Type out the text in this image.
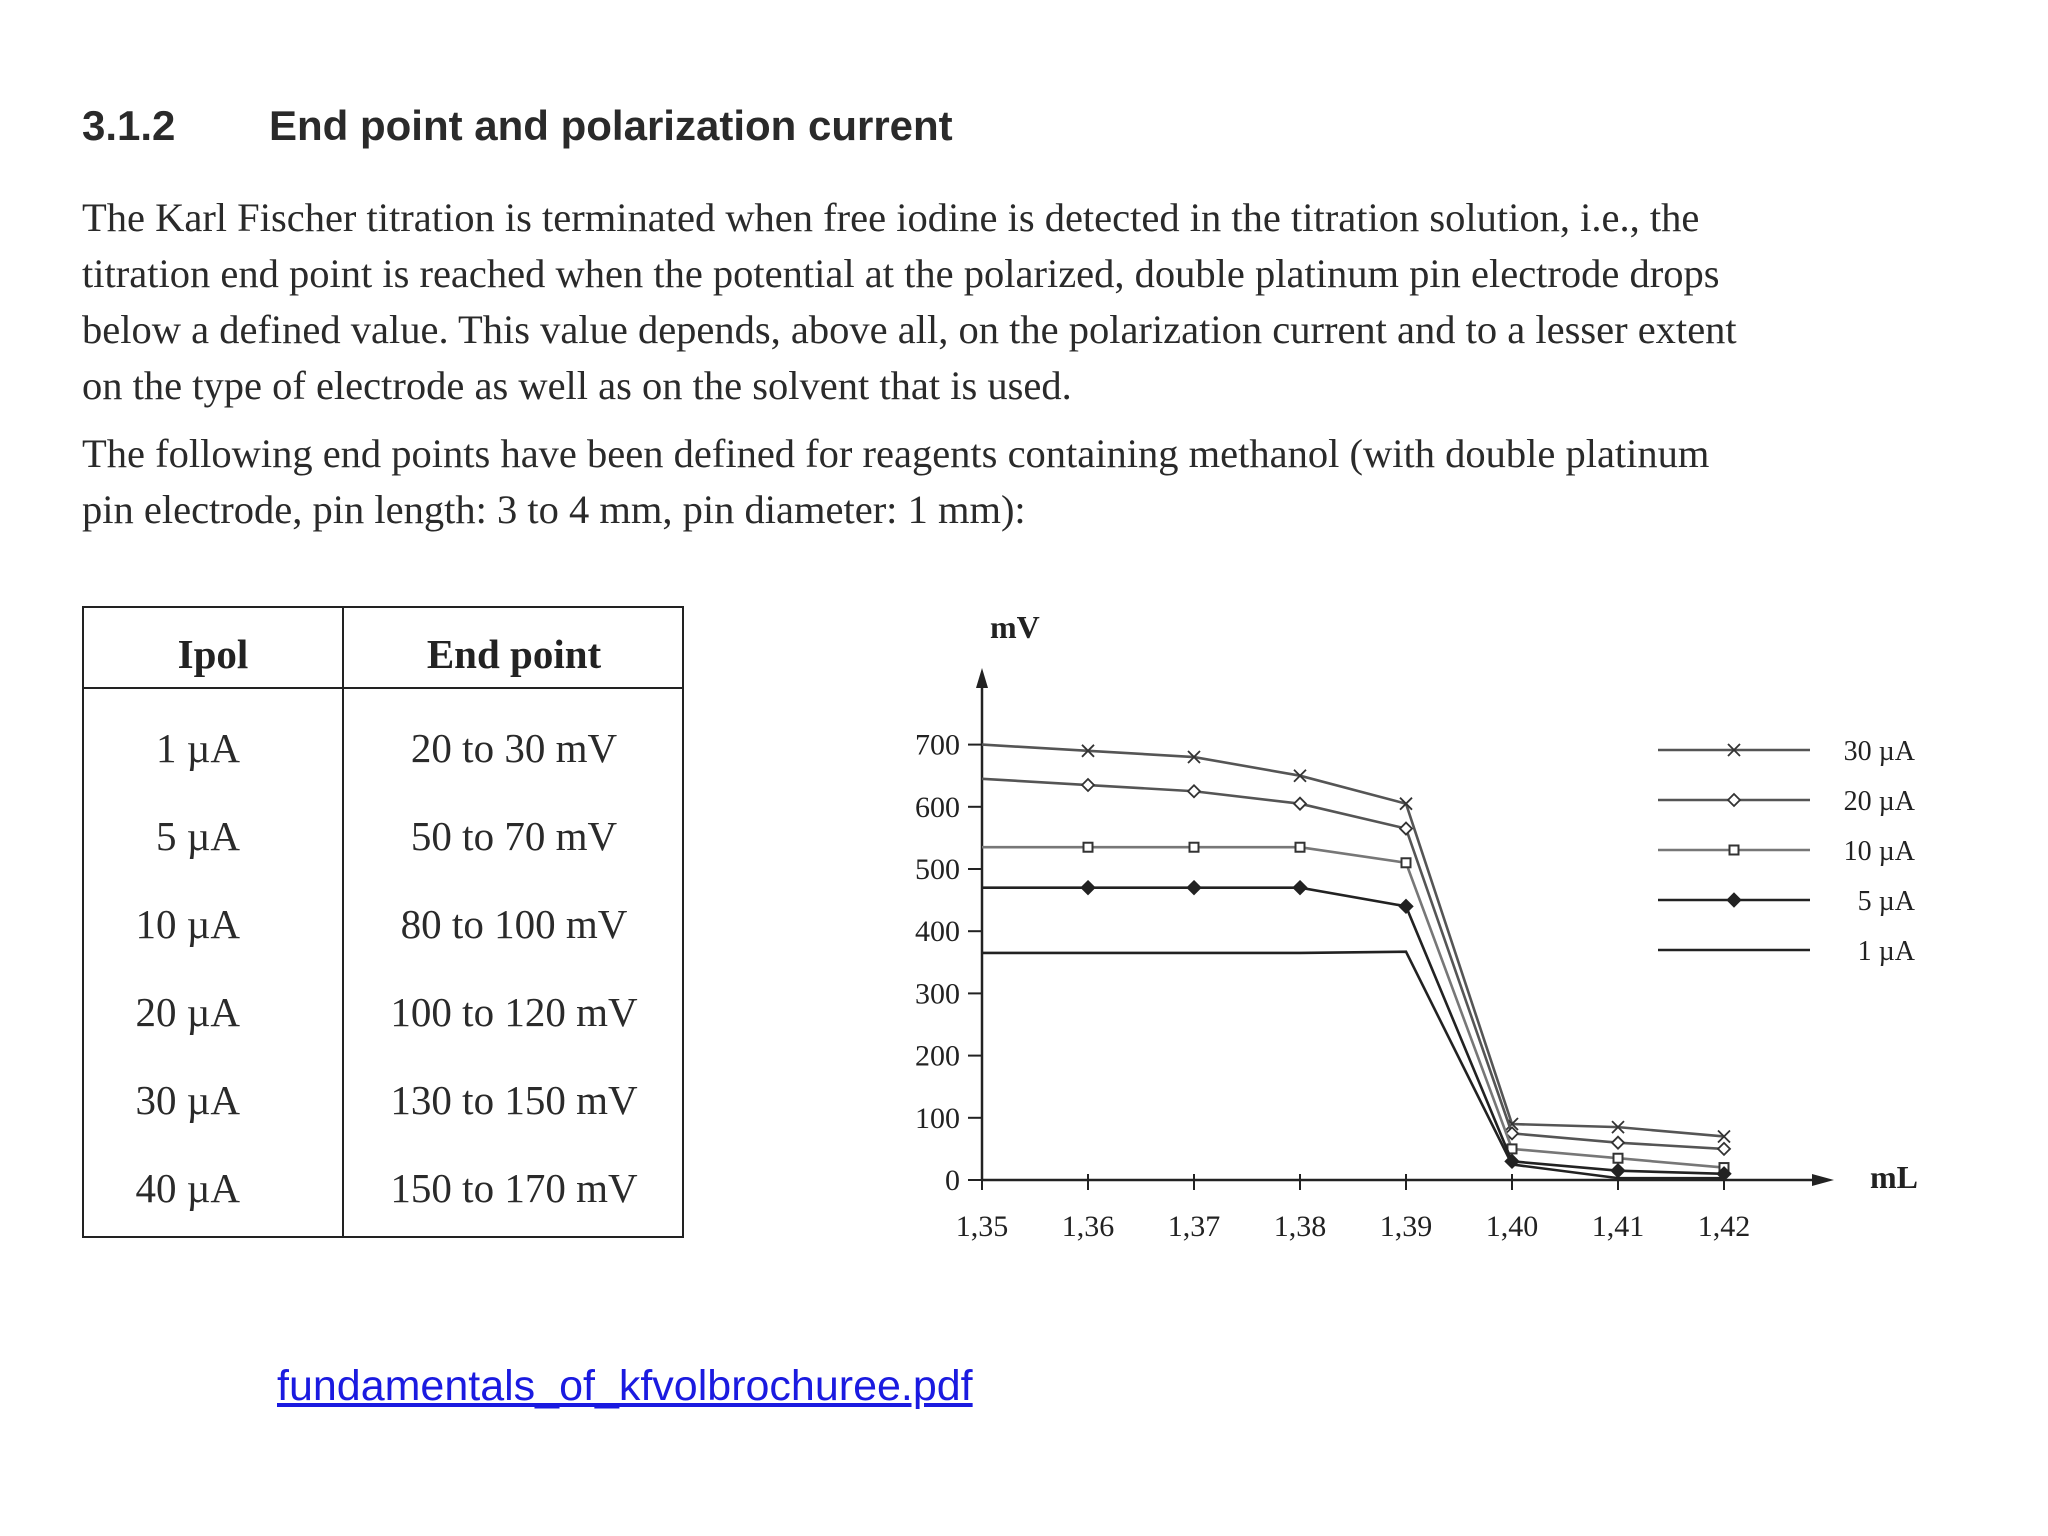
3.1.2 End point and polarization current

The Karl Fischer titration is terminated when free iodine is detected in the titration solution, i.e., the
titration end point is reached when the potential at the polarized, double platinum pin electrode drops
below a defined value. This value depends, above all, on the polarization current and to a lesser extent
on the type of electrode as well as on the solvent that is used.

The following end points have been defined for reagents containing methanol (with double platinum
pin electrode, pin length: 3 to 4 mm, pin diameter: 1 mm):

Ipol	End point
1 µA	20 to 30 mV
5 µA	50 to 70 mV
10 µA	80 to 100 mV
20 µA	100 to 120 mV
30 µA	130 to 150 mV
40 µA	150 to 170 mV
mV
mL
0
100
200
300
400
500
600
700
1,35 1,36 1,37 1,38 1,39 1,40 1,41 1,42
30 µA
20 µA
10 µA
5 µA
1 µA
fundamentals_of_kfvolbrochuree.pdf
